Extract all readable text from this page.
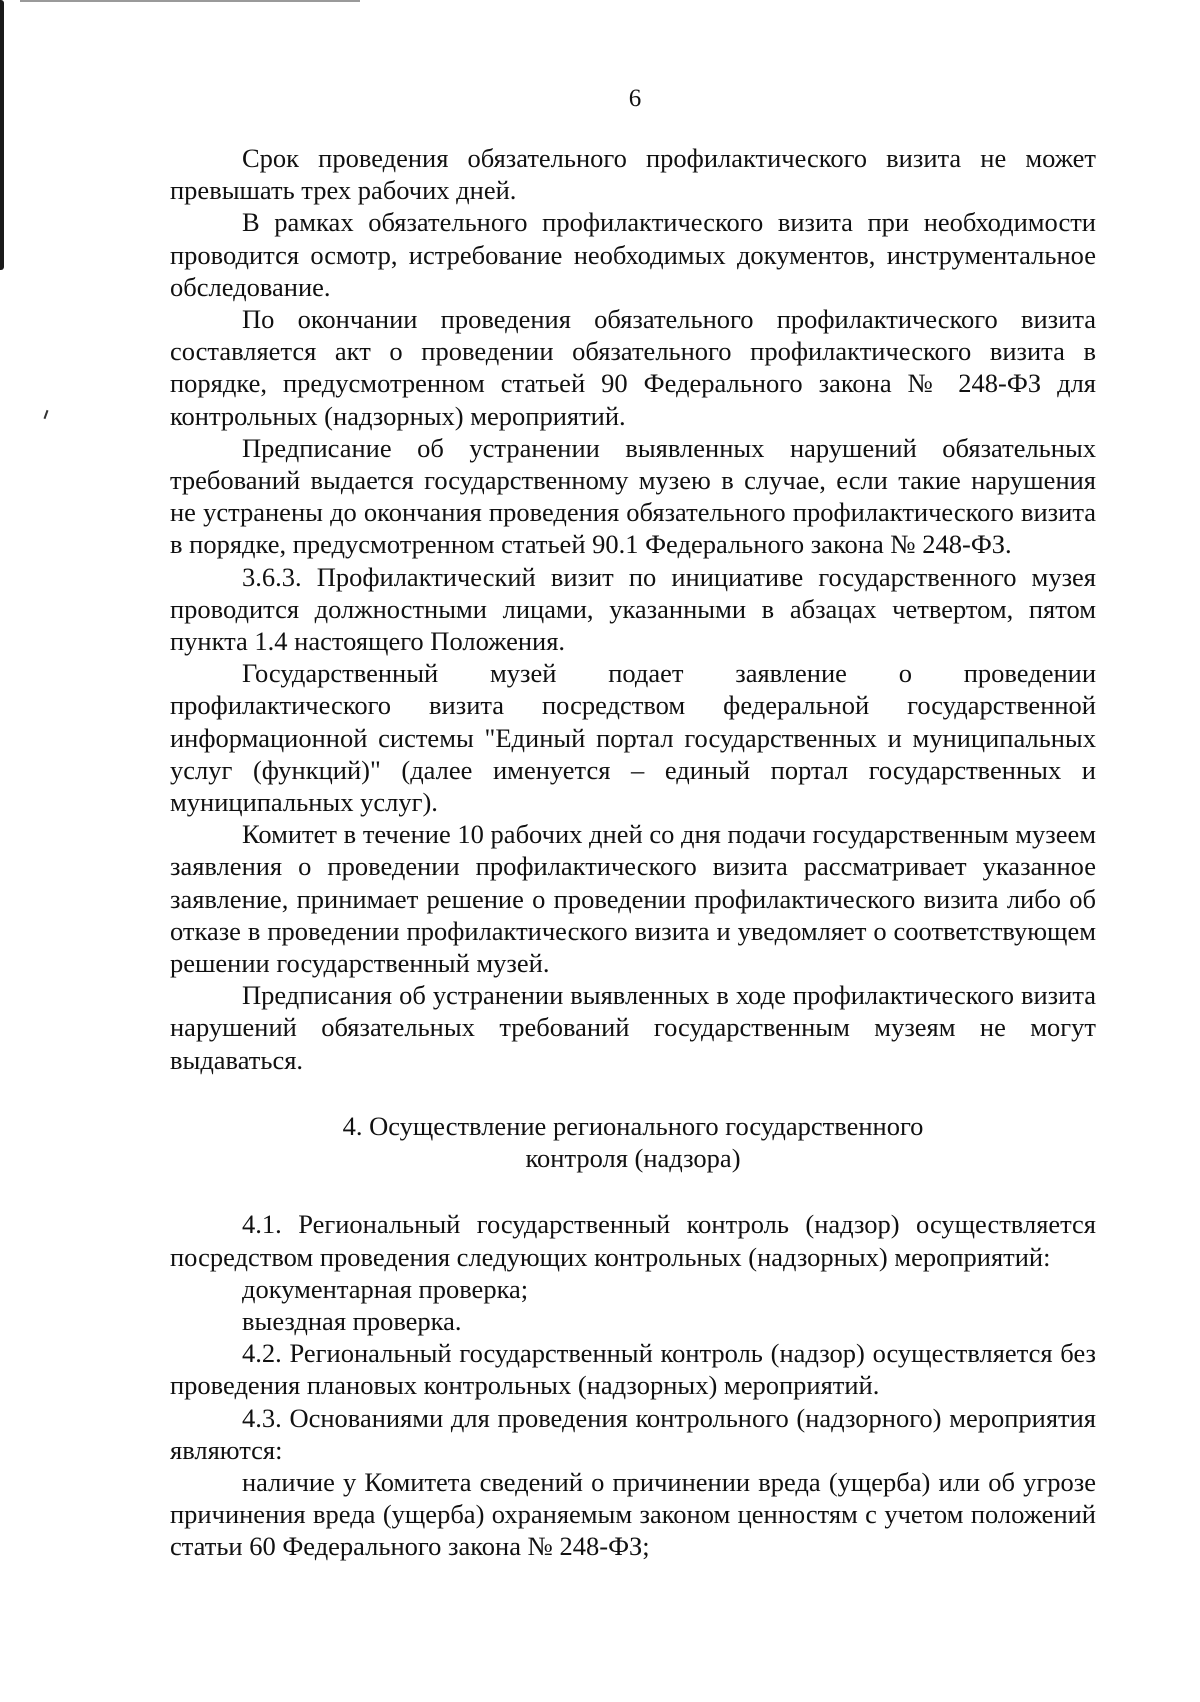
6

Срок проведения обязательного профилактического визита не может превышать трех рабочих дней.

В рамках обязательного профилактического визита при необходимости проводится осмотр, истребование необходимых документов, инструментальное обследование.

По окончании проведения обязательного профилактического визита составляется акт о проведении обязательного профилактического визита в порядке, предусмотренном статьей 90 Федерального закона № 248-ФЗ для контрольных (надзорных) мероприятий.

Предписание об устранении выявленных нарушений обязательных требований выдается государственному музею в случае, если такие нарушения не устранены до окончания проведения обязательного профилактического визита в порядке, предусмотренном статьей 90.1 Федерального закона № 248-ФЗ.

3.6.3. Профилактический визит по инициативе государственного музея проводится должностными лицами, указанными в абзацах четвертом, пятом пункта 1.4 настоящего Положения.

Государственный музей подает заявление о проведении профилактического визита посредством федеральной государственной информационной системы "Единый портал государственных и муниципальных услуг (функций)" (далее именуется – единый портал государственных и муниципальных услуг).

Комитет в течение 10 рабочих дней со дня подачи государственным музеем заявления о проведении профилактического визита рассматривает указанное заявление, принимает решение о проведении профилактического визита либо об отказе в проведении профилактического визита и уведомляет о соответствующем решении государственный музей.

Предписания об устранении выявленных в ходе профилактического визита нарушений обязательных требований государственным музеям не могут выдаваться.

4. Осуществление регионального государственного
контроля (надзора)

4.1. Региональный государственный контроль (надзор) осуществляется посредством проведения следующих контрольных (надзорных) мероприятий:

документарная проверка;

выездная проверка.

4.2. Региональный государственный контроль (надзор) осуществляется без проведения плановых контрольных (надзорных) мероприятий.

4.3. Основаниями для проведения контрольного (надзорного) мероприятия являются:

наличие у Комитета сведений о причинении вреда (ущерба) или об угрозе причинения вреда (ущерба) охраняемым законом ценностям с учетом положений статьи 60 Федерального закона № 248-ФЗ;
